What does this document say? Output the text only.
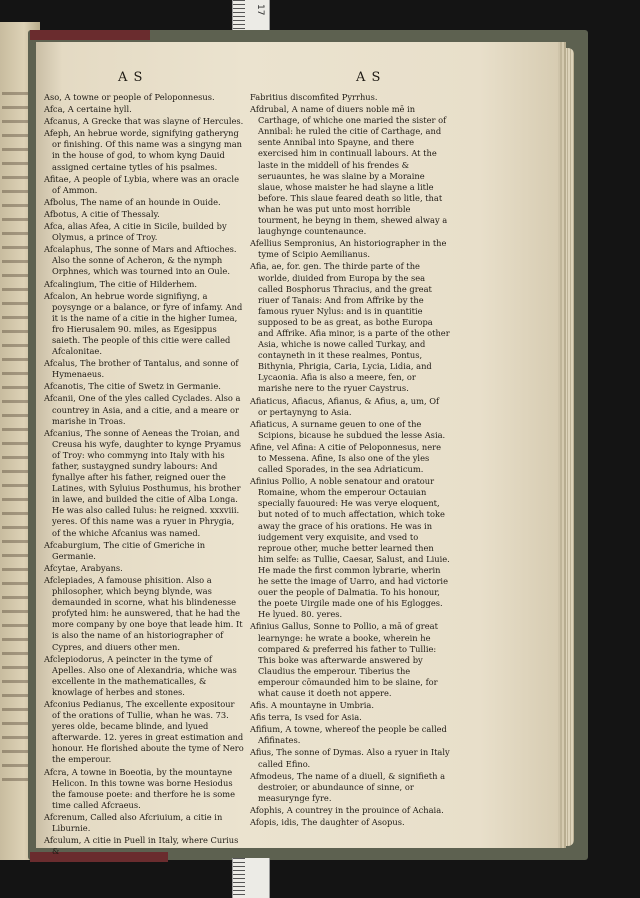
17
A S	A S

Aso, A towne or people of Peloponnesus.

Afca, A certaine hyll.

Afcanus, A Grecke that was slayne of Hercules.

Afeph, An hebrue worde, signifying gatheryng or finishing. Of this name was a singyng man in the house of god, to whom kyng Dauid assigned certaine tytles of his psalmes.

Afitae, A people of Lybia, where was an oracle of Ammon.

Afbolus, The name of an hounde in Ouide.

Afbotus, A citie of Thessaly.

Afca, alias Afea, A citie in Sicile, builded by Olymus, a prince of Troy.

Afcalaphus, The sonne of Mars and Aftioches. Also the sonne of Acheron, & the nymph Orphnes, which was tourned into an Oule.

Afcalingium, The citie of Hilderhem.

Afcalon, An hebrue worde signifiyng, a poysynge or a balance, or fyre of infamy. And it is the name of a citie in the higher Iumea, fro Hierusalem 90. miles, as Egesippus saieth. The people of this citie were called Afcalonitae.

Afcalus, The brother of Tantalus, and sonne of Hymenaeus.

Afcanotis, The citie of Swetz in Germanie.

Afcanii, One of the yles called Cyclades. Also a countrey in Asia, and a citie, and a meare or marishe in Troas.

Afcanius, The sonne of Aeneas the Troian, and Creusa his wyfe, daughter to kynge Pryamus of Troy: who commyng into Italy with his father, sustaygned sundry labours: And fynallye after his father, reigned ouer the Latines, with Syluius Posthumus, his brother in lawe, and builded the citie of Alba Longa. He was also called Iulus: he reigned. xxxviii. yeres. Of this name was a ryuer in Phrygia, of the whiche Afcanius was named.

Afcaburgium, The citie of Gmeriche in Germanie.

Afcytae, Arabyans.

Afclepiades, A famouse phisition. Also a philosopher, which beyng blynde, was demaunded in scorne, what his blindenesse profyted him: he aunswered, that he had the more company by one boye that leade him. It is also the name of an historiographer of Cypres, and diuers other men.

Afclepiodorus, A peincter in the tyme of Apelles. Also one of Alexandria, whiche was excellente in the mathematicalles, & knowlage of herbes and stones.

Afconius Pedianus, The excellente expositour of the orations of Tullie, whan he was. 73. yeres olde, became blinde, and lyued afterwarde. 12. yeres in great estimation and honour. He florished aboute the tyme of Nero the emperour.

Afcra, A towne in Boeotia, by the mountayne Helicon. In this towne was borne Hesiodus the famouse poete: and therfore he is some time called Afcraeus.

Afcrenum, Called also Afcriuium, a citie in Liburnie.

Afculum, A citie in Puell in Italy, where Curius &

Fabritius discomfited Pyrrhus.

Afdrubal, A name of diuers noble mē in Carthage, of whiche one maried the sister of Annibal: he ruled the citie of Carthage, and sente Annibal into Spayne, and there exercised him in continuall labours. At the laste in the middell of his frendes & seruauntes, he was slaine by a Moraine slaue, whose maister he had slayne a litle before. This slaue feared death so litle, that whan he was put unto most horrible tourment, he beyng in them, shewed alway a laughynge countenaunce.

Afellius Sempronius, An historiographer in the tyme of Scipio Aemilianus.

Afia, ae, for. gen. The thirde parte of the worlde, diuided from Europa by the sea called Bosphorus Thracius, and the great riuer of Tanais: And from Affrike by the famous ryuer Nylus: and is in quantitie supposed to be as great, as bothe Europa and Affrike. Afia minor, is a parte of the other Asia, whiche is nowe called Turkay, and contayneth in it these realmes, Pontus, Bithynia, Phrigia, Caria, Lycia, Lidia, and Lycaonia. Afia is also a meere, fen, or marishe nere to the ryuer Caystrus.

Afiaticus, Afiacus, Afianus, & Afius, a, um, Of or pertaynyng to Asia.

Afiaticus, A surname geuen to one of the Scipions, bicause he subdued the lesse Asia.

Afine, vel Afina: A citie of Peloponnesus, nere to Messena. Afine, Is also one of the yles called Sporades, in the sea Adriaticum.

Afinius Pollio, A noble senatour and oratour Romaine, whom the emperour Octauian specially fauoured: He was verye eloquent, but noted of to much affectation, which toke away the grace of his orations. He was in iudgement very exquisite, and vsed to reproue other, muche better learned then him selfe: as Tullie, Caesar, Salust, and Liuie. He made the first common lybrarie, wherin he sette the image of Uarro, and had victorie ouer the people of Dalmatia. To his honour, the poete Uirgile made one of his Eglogges. He lyued. 80. yeres.

Afinius Gallus, Sonne to Pollio, a mā of great learnynge: he wrate a booke, wherein he compared & preferred his father to Tullie: This boke was afterwarde answered by Claudius the emperour. Tiberius the emperour cōmaunded him to be slaine, for what cause it doeth not appere.

Afis. A mountayne in Umbria.

Afis terra, Is vsed for Asia.

Afifium, A towne, whereof the people be called Afifinates.

Afius, The sonne of Dymas. Also a ryuer in Italy called Efino.

Afmodeus, The name of a diuell, & signifieth a destroier, or abundaunce of sinne, or measurynge fyre.

Afophis, A countrey in the prouince of Achaia.

Afopis, idis, The daughter of Asopus.
